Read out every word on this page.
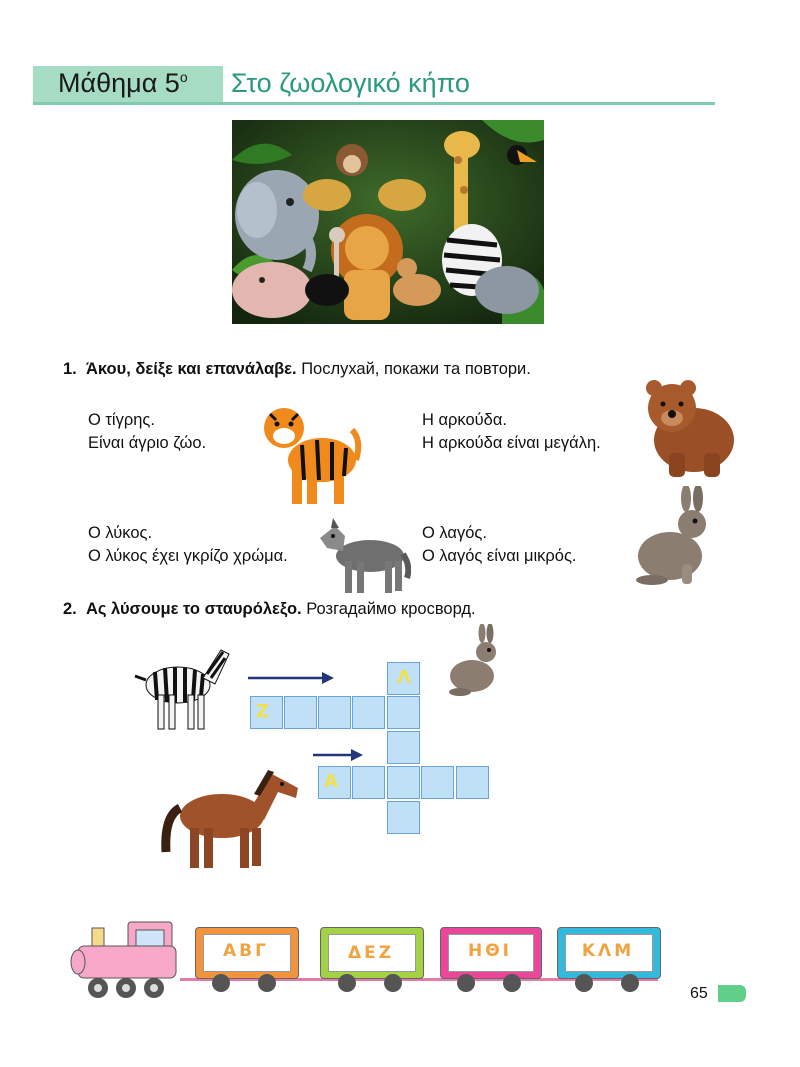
Μάθημα $5^o$ Στο ζωολογικό κήπο
1. Άκου, δείξε και επανάλαβε. Послухай, покажи та повтори.
Ο τίγρης.
Είναι άγριο ζώο.
Η αρκούδα.
Η αρκούδα είναι μεγάλη.
Ο λύκος.
Ο λύκος έχει γκρίζο χρώμα.
Ο λαγός.
Ο λαγός είναι μικρός.
2. Ας λύσουμε το σταυρόλεξο. Розгадаймо кросворд.
Λ
Ζ
Α
ΑΒΓ	ΔΕΖ	ΗΘΙ	ΚΛΜ
65
